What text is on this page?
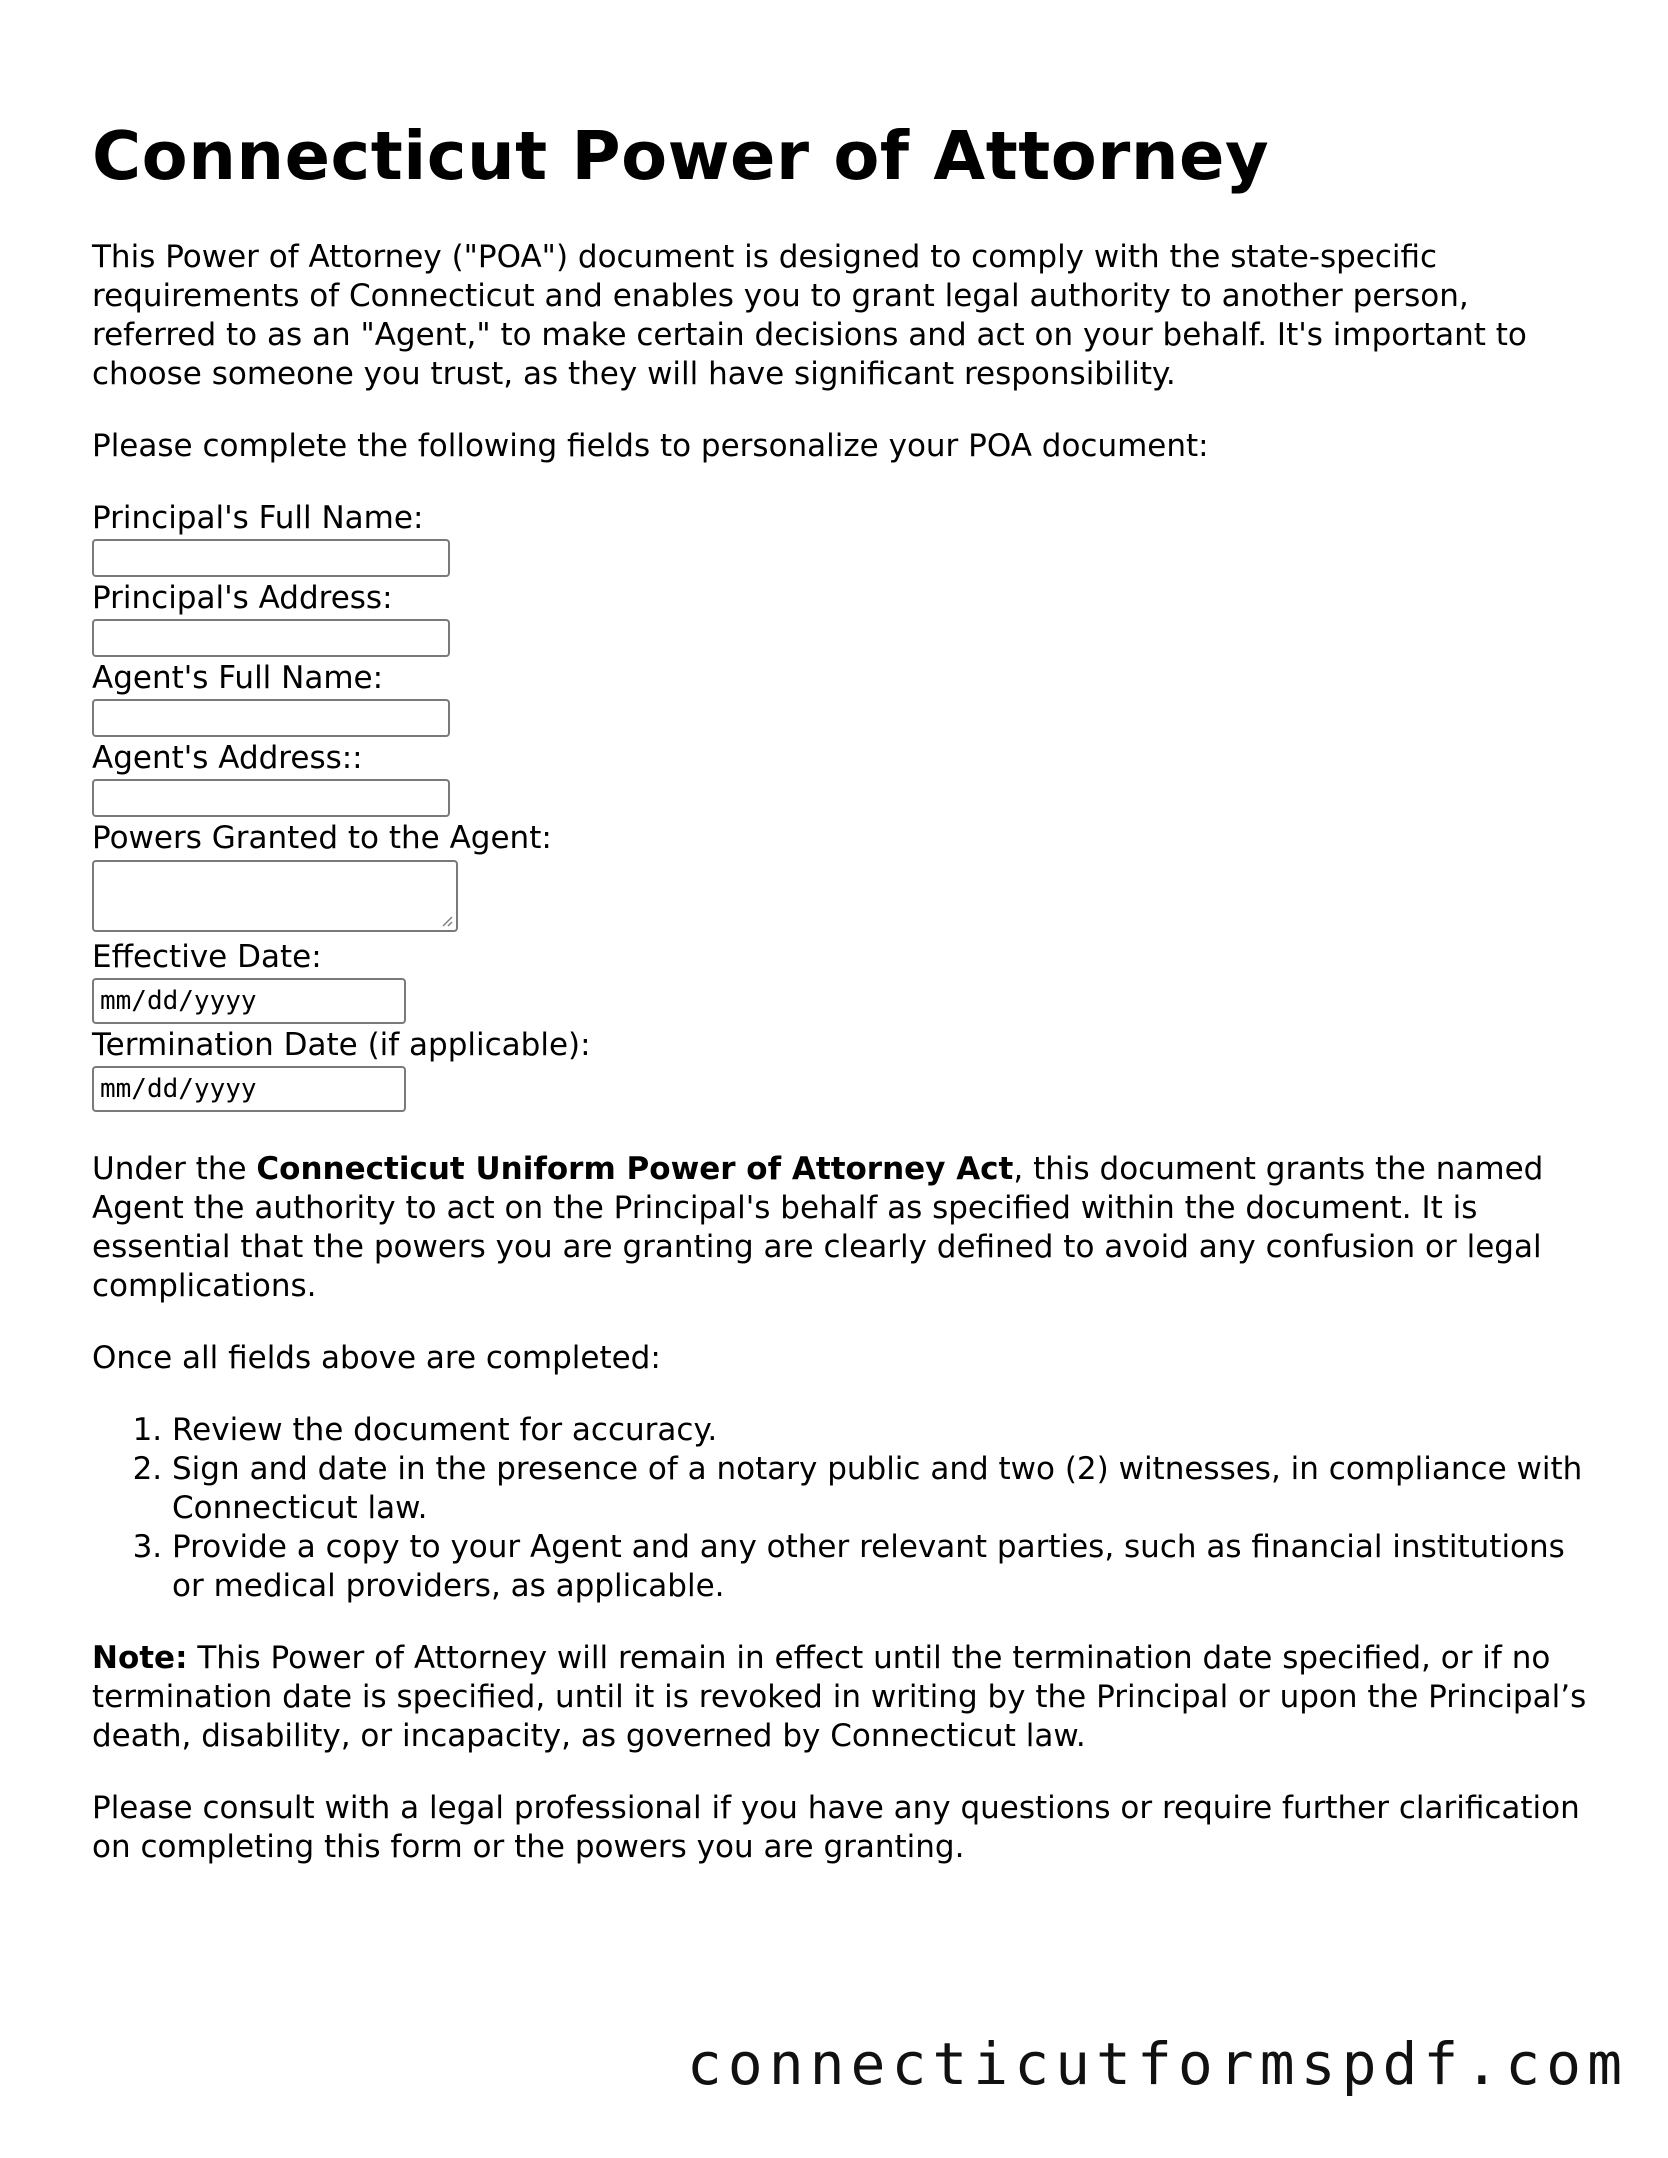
Connecticut Power of Attorney

This Power of Attorney ("POA") document is designed to comply with the state-specific requirements of Connecticut and enables you to grant legal authority to another person, referred to as an "Agent," to make certain decisions and act on your behalf. It's important to choose someone you trust, as they will have significant responsibility.

Please complete the following fields to personalize your POA document:

Principal's Full Name:
Principal's Address:
Agent's Full Name:
Agent's Address::
Powers Granted to the Agent:
Effective Date:
mm/dd/yyyy
Termination Date (if applicable):
mm/dd/yyyy

Under the Connecticut Uniform Power of Attorney Act, this document grants the named Agent the authority to act on the Principal's behalf as specified within the document. It is essential that the powers you are granting are clearly defined to avoid any confusion or legal complications.

Once all fields above are completed:

1. Review the document for accuracy.
2. Sign and date in the presence of a notary public and two (2) witnesses, in compliance with Connecticut law.
3. Provide a copy to your Agent and any other relevant parties, such as financial institutions or medical providers, as applicable.

Note: This Power of Attorney will remain in effect until the termination date specified, or if no termination date is specified, until it is revoked in writing by the Principal or upon the Principal’s death, disability, or incapacity, as governed by Connecticut law.

Please consult with a legal professional if you have any questions or require further clarification on completing this form or the powers you are granting.

connecticutformspdf.com
